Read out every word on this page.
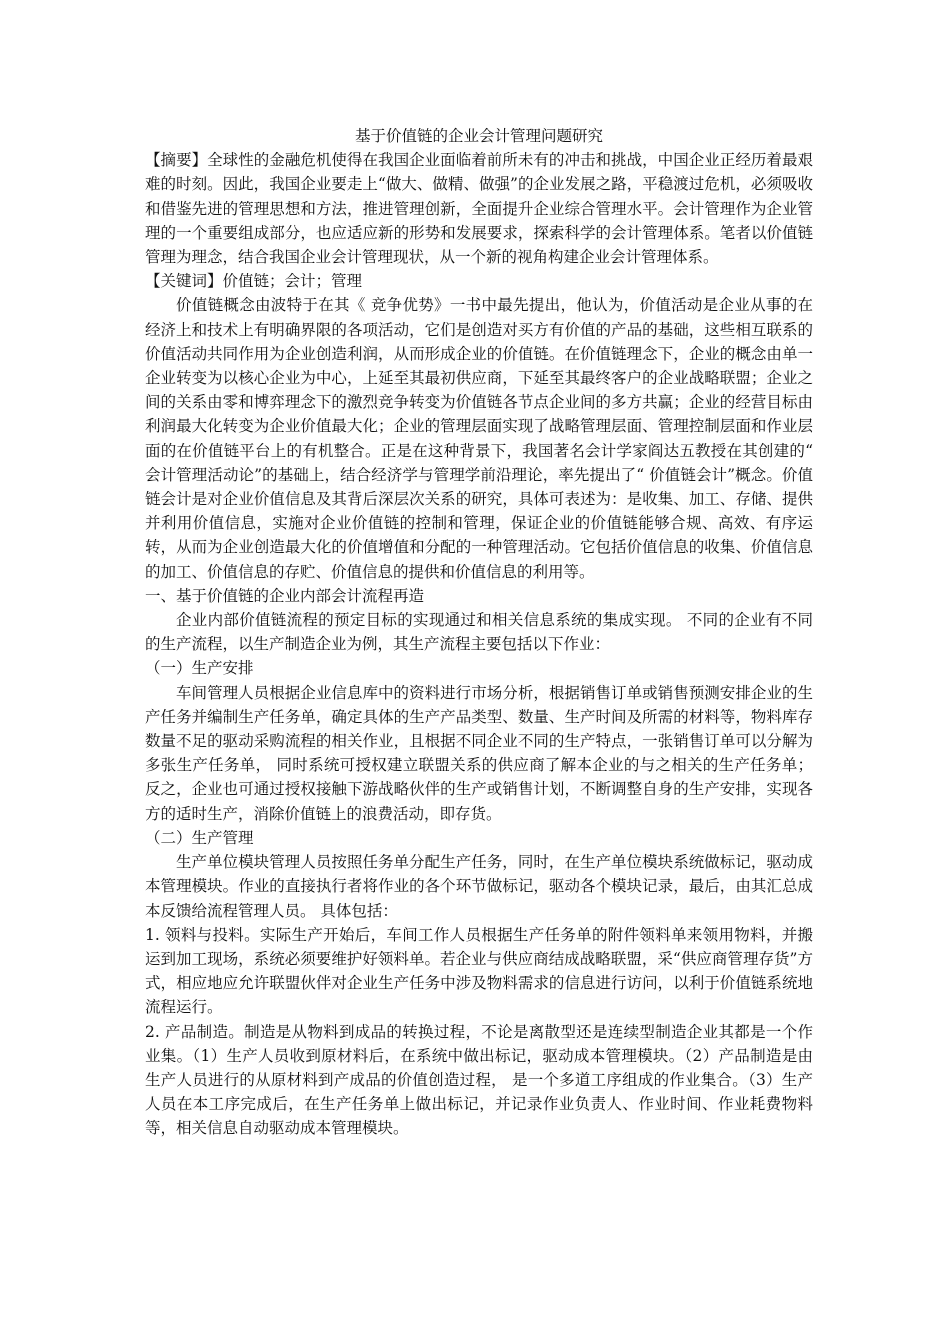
基于价值链的企业会计管理问题研究

【摘要】全球性的金融危机使得在我国企业面临着前所未有的冲击和挑战，中国企业正经历着最艰难的时刻。因此，我国企业要走上“做大、做精、做强”的企业发展之路，平稳渡过危机，必须吸收和借鉴先进的管理思想和方法，推进管理创新，全面提升企业综合管理水平。会计管理作为企业管理的一个重要组成部分，也应适应新的形势和发展要求，探索科学的会计管理体系。笔者以价值链管理为理念，结合我国企业会计管理现状，从一个新的视角构建企业会计管理体系。

【关键词】价值链；会计；管理

价值链概念由波特于在其《 竞争优势》一书中最先提出，他认为，价值活动是企业从事的在经济上和技术上有明确界限的各项活动，它们是创造对买方有价值的产品的基础，这些相互联系的价值活动共同作用为企业创造利润，从而形成企业的价值链。在价值链理念下，企业的概念由单一企业转变为以核心企业为中心，上延至其最初供应商，下延至其最终客户的企业战略联盟；企业之间的关系由零和博弈理念下的激烈竞争转变为价值链各节点企业间的多方共赢；企业的经营目标由利润最大化转变为企业价值最大化；企业的管理层面实现了战略管理层面、管理控制层面和作业层面的在价值链平台上的有机整合。正是在这种背景下，我国著名会计学家阎达五教授在其创建的“ 会计管理活动论”的基础上，结合经济学与管理学前沿理论，率先提出了“ 价值链会计”概念。价值链会计是对企业价值信息及其背后深层次关系的研究，具体可表述为：是收集、加工、存储、提供并利用价值信息，实施对企业价值链的控制和管理，保证企业的价值链能够合规、高效、有序运转，从而为企业创造最大化的价值增值和分配的一种管理活动。它包括价值信息的收集、价值信息的加工、价值信息的存贮、价值信息的提供和价值信息的利用等。

一、基于价值链的企业内部会计流程再造

企业内部价值链流程的预定目标的实现通过和相关信息系统的集成实现。 不同的企业有不同的生产流程，以生产制造企业为例，其生产流程主要包括以下作业：

（一）生产安排

车间管理人员根据企业信息库中的资料进行市场分析，根据销售订单或销售预测安排企业的生产任务并编制生产任务单，确定具体的生产产品类型、数量、生产时间及所需的材料等，物料库存数量不足的驱动采购流程的相关作业，且根据不同企业不同的生产特点，一张销售订单可以分解为多张生产任务单， 同时系统可授权建立联盟关系的供应商了解本企业的与之相关的生产任务单；反之，企业也可通过授权接触下游战略伙伴的生产或销售计划，不断调整自身的生产安排，实现各方的适时生产，消除价值链上的浪费活动，即存货。

（二）生产管理

生产单位模块管理人员按照任务单分配生产任务，同时，在生产单位模块系统做标记，驱动成本管理模块。作业的直接执行者将作业的各个环节做标记，驱动各个模块记录，最后，由其汇总成本反馈给流程管理人员。 具体包括：

1. 领料与投料。实际生产开始后，车间工作人员根据生产任务单的附件领料单来领用物料，并搬运到加工现场，系统必须要维护好领料单。若企业与供应商结成战略联盟，采“供应商管理存货”方式，相应地应允许联盟伙伴对企业生产任务中涉及物料需求的信息进行访问，以利于价值链系统地流程运行。

2. 产品制造。制造是从物料到成品的转换过程，不论是离散型还是连续型制造企业其都是一个作业集。（1）生产人员收到原材料后，在系统中做出标记，驱动成本管理模块。（2）产品制造是由生产人员进行的从原材料到产成品的价值创造过程， 是一个多道工序组成的作业集合。（3）生产人员在本工序完成后，在生产任务单上做出标记，并记录作业负责人、作业时间、作业耗费物料等，相关信息自动驱动成本管理模块。
